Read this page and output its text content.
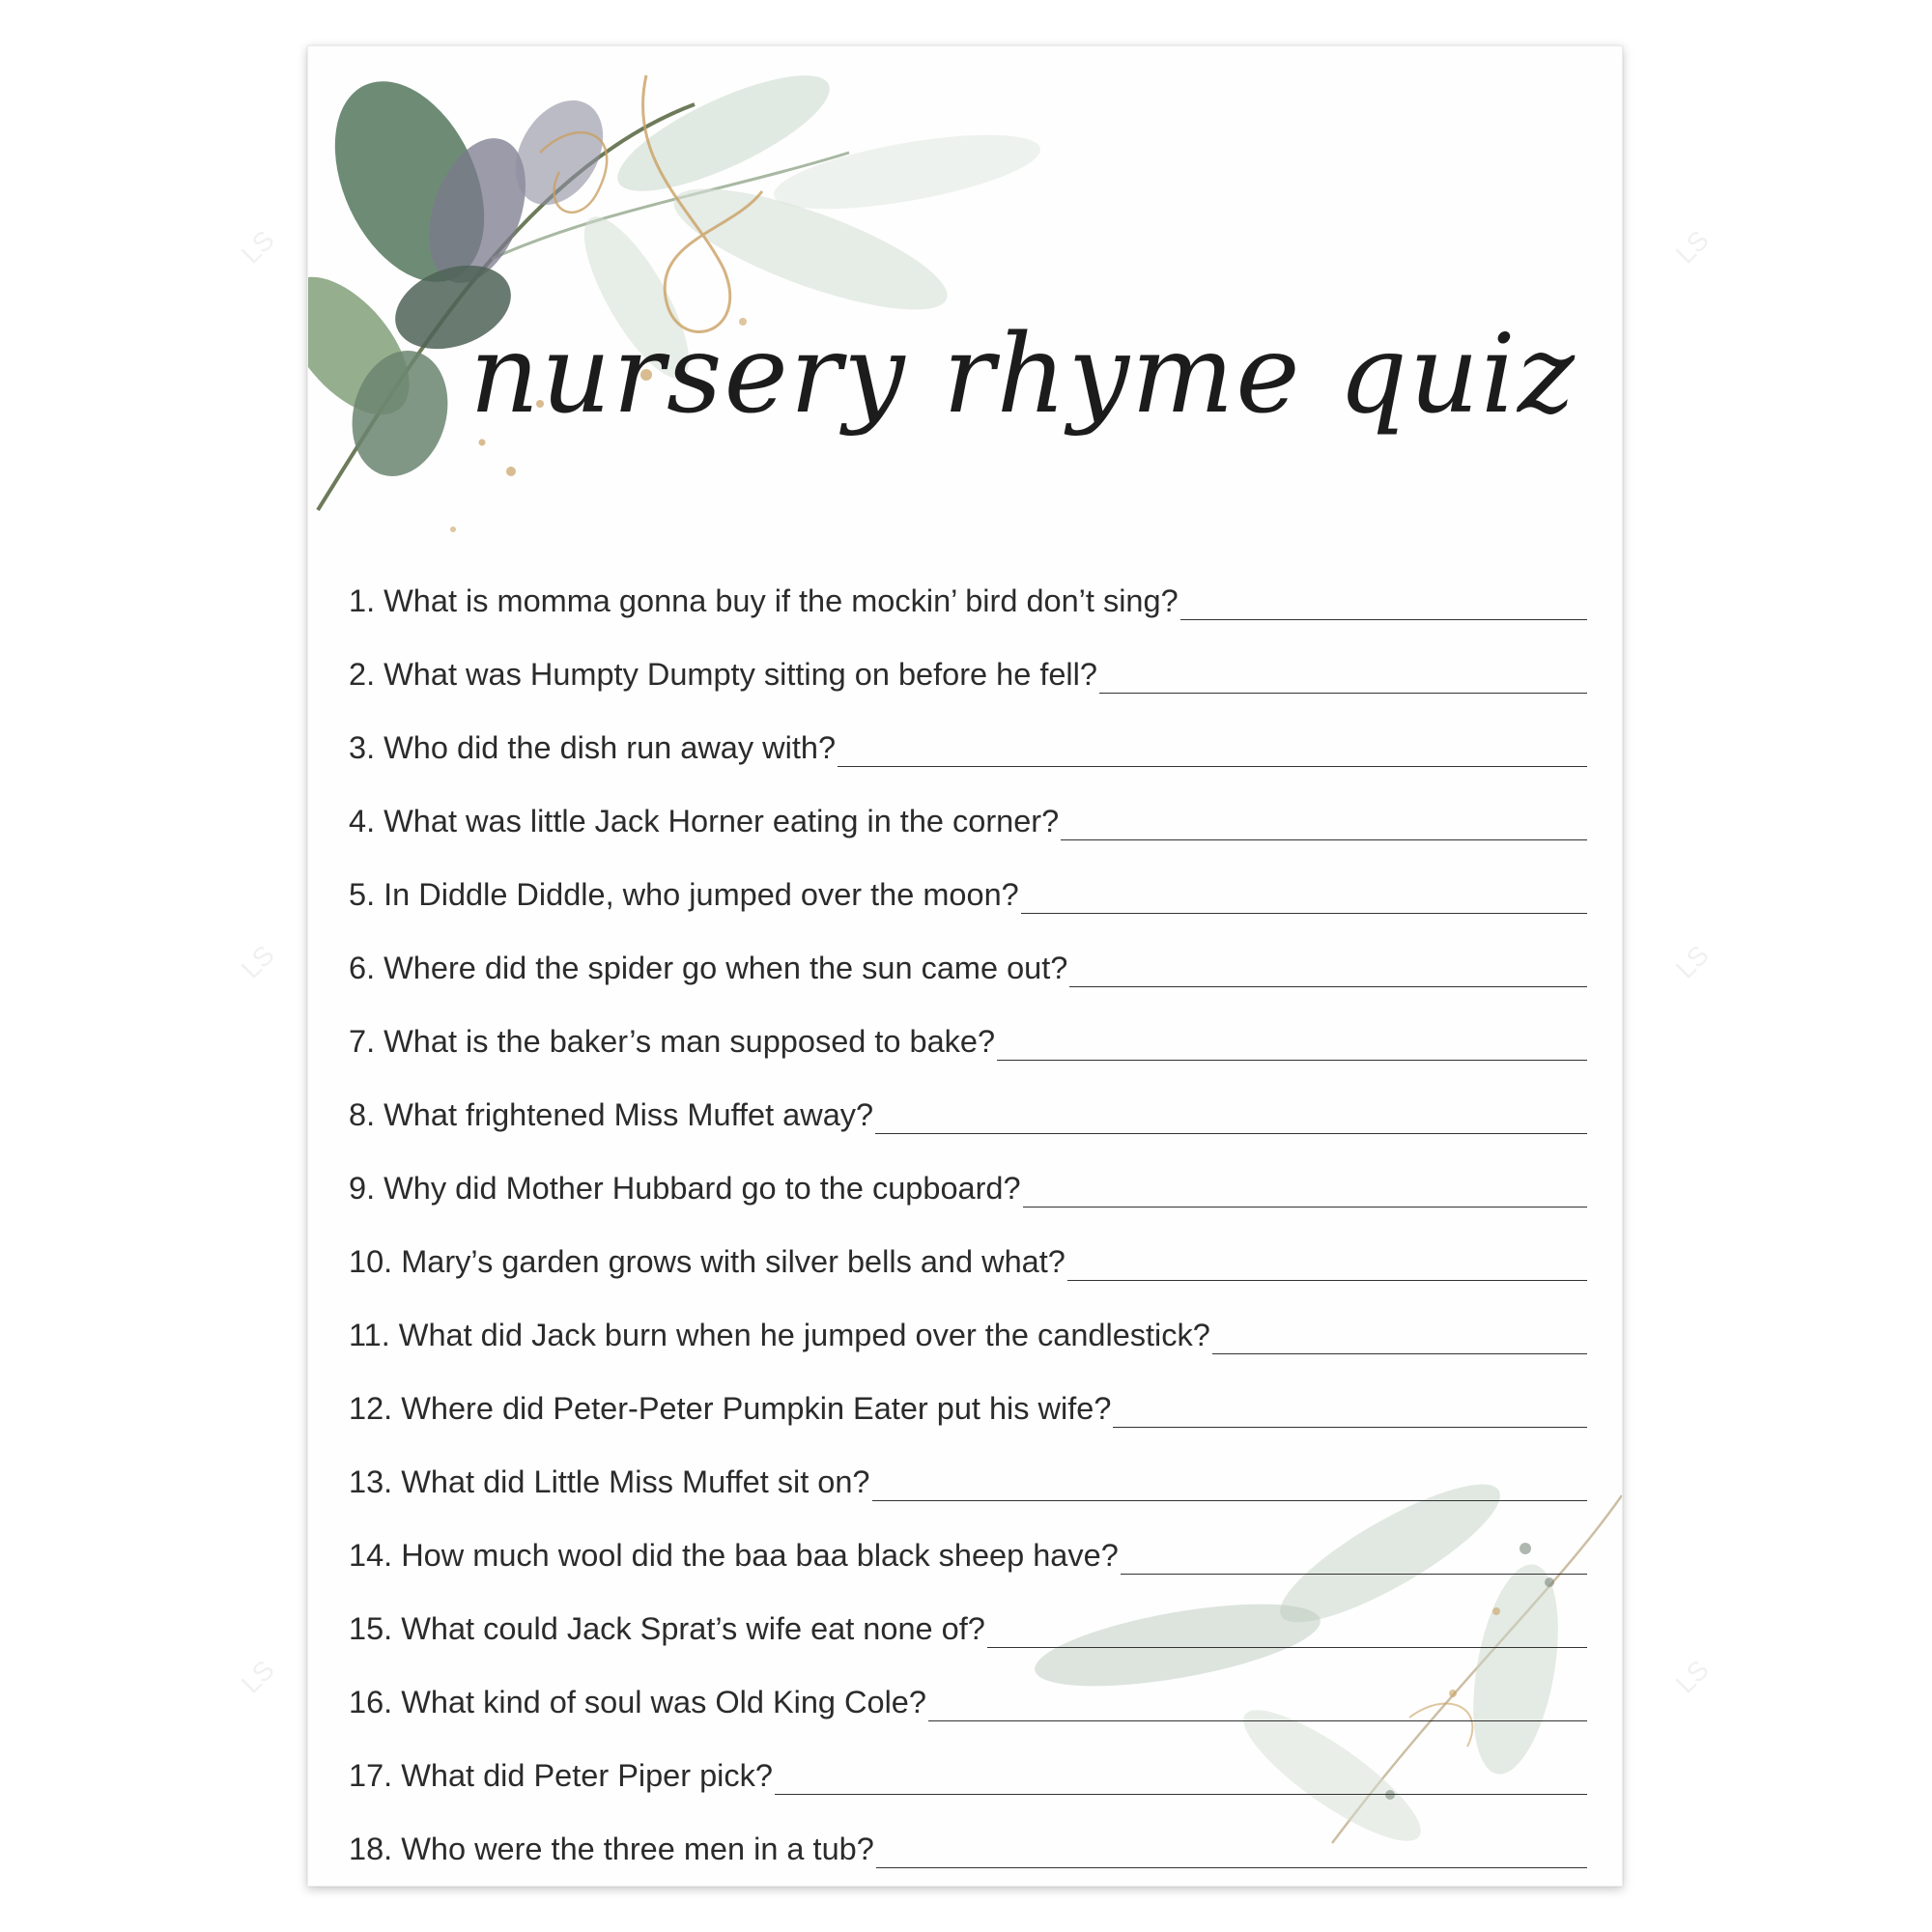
LS	LS
LS	LS
LS	LS
nursery rhyme quiz
1. What is momma gonna buy if the mockin’ bird don’t sing?
2. What was Humpty Dumpty sitting on before he fell?
3. Who did the dish run away with?
4. What was little Jack Horner eating in the corner?
5. In Diddle Diddle, who jumped over the moon?
6. Where did the spider go when the sun came out?
7. What is the baker’s man supposed to bake?
8. What frightened Miss Muffet away?
9. Why did Mother Hubbard go to the cupboard?
10. Mary’s garden grows with silver bells and what?
11. What did Jack burn when he jumped over the candlestick?
12. Where did Peter-Peter Pumpkin Eater put his wife?
13. What did Little Miss Muffet sit on?
14. How much wool did the baa baa black sheep have?
15. What could Jack Sprat’s wife eat none of?
16. What kind of soul was Old King Cole?
17. What did Peter Piper pick?
18. Who were the three men in a tub?
